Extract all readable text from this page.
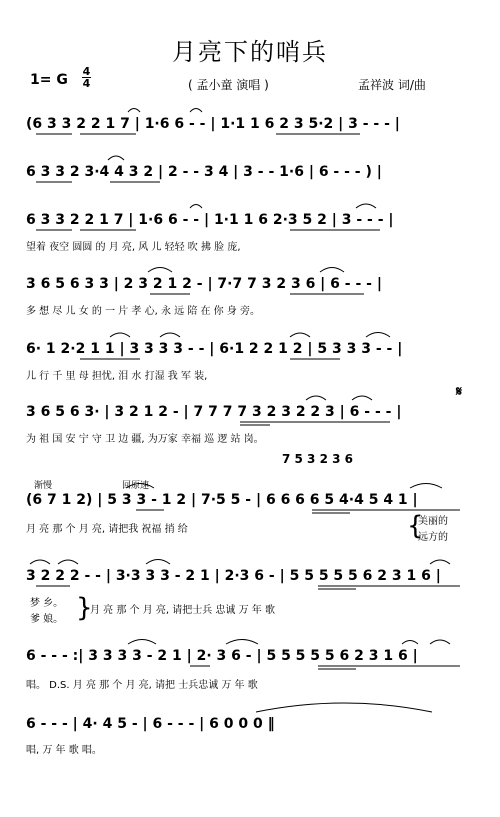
月亮下的哨兵
1= G
4
4	( 孟小童 演唱 )	孟祥波 词/曲
(6 3 3 2 2 1 7 | 1·6 6 - - | 1·1 1 6 2 3 5·2 | 3 - - - |
6 3 3 2 3·4 4 3 2 | 2 - - 3 4 | 3 - - 1·6 | 6 - - - ) |
6 3 3 2 2 1 7 | 1·6 6 - - | 1·1 1 6 2·3 5 2 | 3 - - - |
望着 夜空 圆圆 的 月 亮, 风 儿 轻轻 吹 拂 脸 庞,
3 6 5 6 3 3 | 2 3 2 1 2 - | 7·7 7 3 2 3 6 | 6 - - - |
多 想 尽 儿 女 的 一 片 孝 心, 永 远 陪 在 你 身 旁。
6· 1 2·2 1 1 | 3 3 3 3 - - | 6·1 2 2 1 2 | 5 3 3 3 - - |
儿 行 千 里 母 担忧, 泪 水 打湿 我 军 装,
𝄋
3 6 5 6 3· | 3 2 1 2 - | 7 7 7 7 3 2 3 2 2 3 | 6 - - - |
为 祖 国 安 宁 守 卫 边 疆, 为万家 幸福 巡 逻 站 岗。
7 5 3 2 3 6
渐慢	回原速
(6 7 1 2) | 5 3 3 - 1 2 | 7·5 5 - | 6 6 6 6 5 4·4 5 4 1 |
月 亮 那 个 月 亮, 请把我 祝福 捎 给	{
美丽的
远方的
3 2 2 2 - - | 3·3 3 3 - 2 1 | 2·3 6 - | 5 5 5 5 5 6 2 3 1 6 |
梦 乡。
爹 娘。 }
月 亮 那 个 月 亮, 请把士兵 忠诚 万 年 歌
6 - - - :| 3 3 3 3 - 2 1 | 2· 3 6 - | 5 5 5 5 5 6 2 3 1 6 |
唱。 D.S. 月 亮 那 个 月 亮, 请把 士兵忠诚 万 年 歌
6 - - - | 4· 4 5 - | 6 - - - | 6 0 0 0 ‖
唱, 万 年 歌 唱。
